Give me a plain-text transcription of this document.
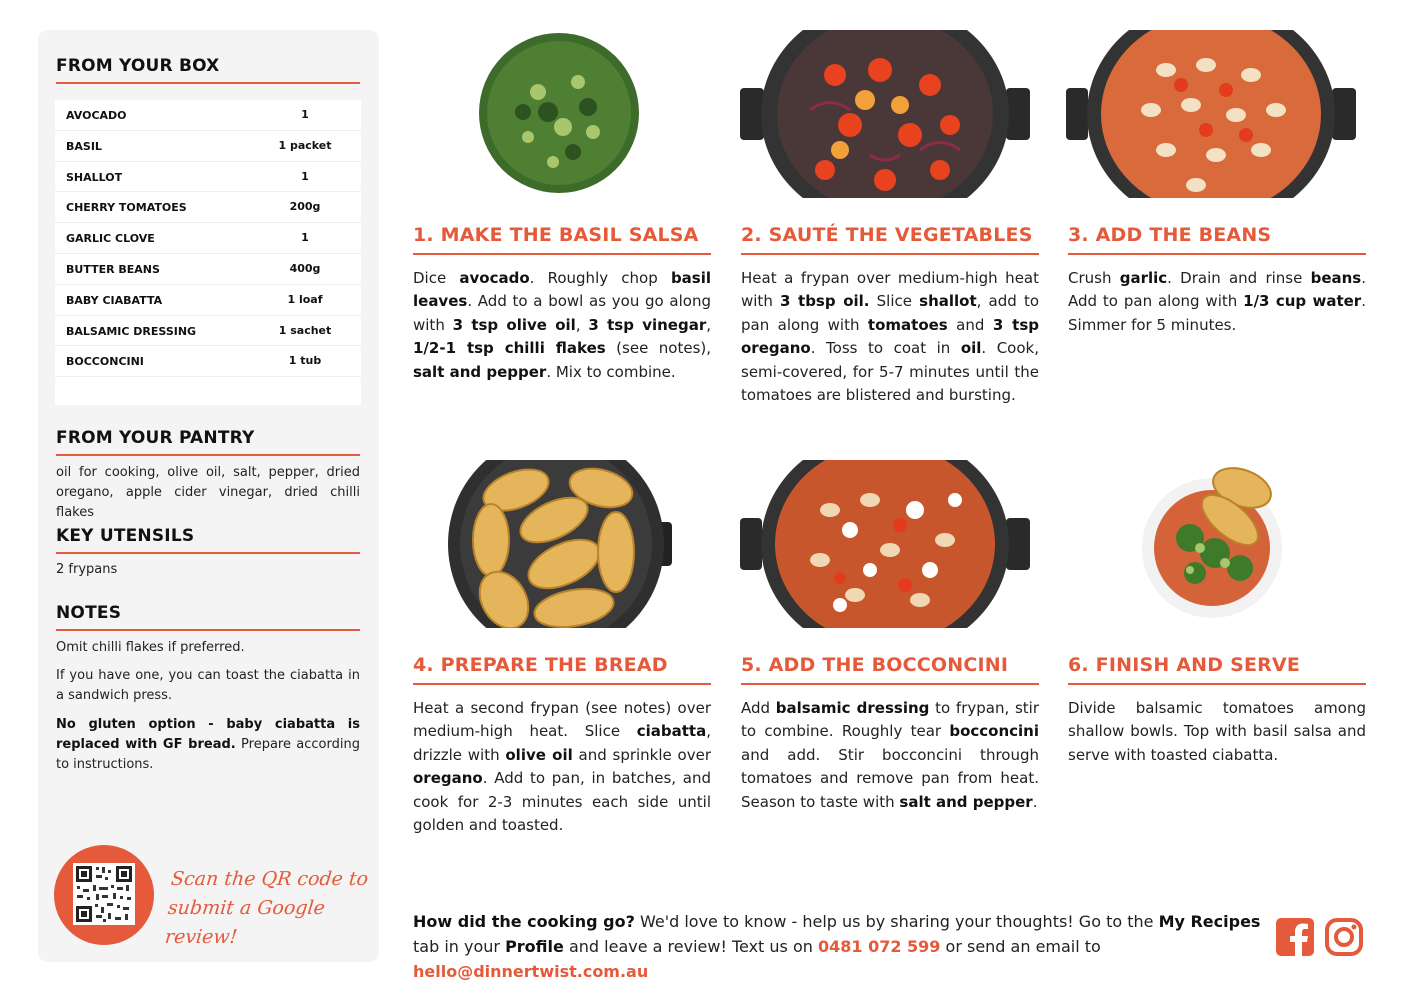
FROM YOUR BOX
AVOCADO	1
BASIL	1 packet
SHALLOT	1
CHERRY TOMATOES	200g
GARLIC CLOVE	1
BUTTER BEANS	400g
BABY CIABATTA	1 loaf
BALSAMIC DRESSING	1 sachet
BOCCONCINI	1 tub
FROM YOUR PANTRY
oil for cooking, olive oil, salt, pepper, dried oregano, apple cider vinegar, dried chilli flakes
KEY UTENSILS
2 frypans
NOTES
Omit chilli flakes if preferred.
If you have one, you can toast the ciabatta in a sandwich press.
No gluten option - baby ciabatta is replaced with GF bread. Prepare according to instructions.
Scan the QR code to
submit a Google review!
1. MAKE THE BASIL SALSA
Dice avocado. Roughly chop basil leaves. Add to a bowl as you go along with 3 tsp olive oil, 3 tsp vinegar, 1/2-1 tsp chilli flakes (see notes), salt and pepper. Mix to combine.
2. SAUTÉ THE VEGETABLES
Heat a frypan over medium-high heat with 3 tbsp oil. Slice shallot, add to pan along with tomatoes and 3 tsp oregano. Toss to coat in oil. Cook, semi-covered, for 5-7 minutes until the tomatoes are blistered and bursting.
3. ADD THE BEANS
Crush garlic. Drain and rinse beans. Add to pan along with 1/3 cup water. Simmer for 5 minutes.
4. PREPARE THE BREAD
Heat a second frypan (see notes) over medium-high heat. Slice ciabatta, drizzle with olive oil and sprinkle over oregano. Add to pan, in batches, and cook for 2-3 minutes each side until golden and toasted.
5. ADD THE BOCCONCINI
Add balsamic dressing to frypan, stir to combine. Roughly tear bocconcini and add. Stir bocconcini through tomatoes and remove pan from heat. Season to taste with salt and pepper.
6. FINISH AND SERVE
Divide balsamic tomatoes among shallow bowls. Top with basil salsa and serve with toasted ciabatta.
How did the cooking go? We'd love to know - help us by sharing your thoughts! Go to the My Recipes tab in your Profile and leave a review! Text us on 0481 072 599 or send an email to hello@dinnertwist.com.au
